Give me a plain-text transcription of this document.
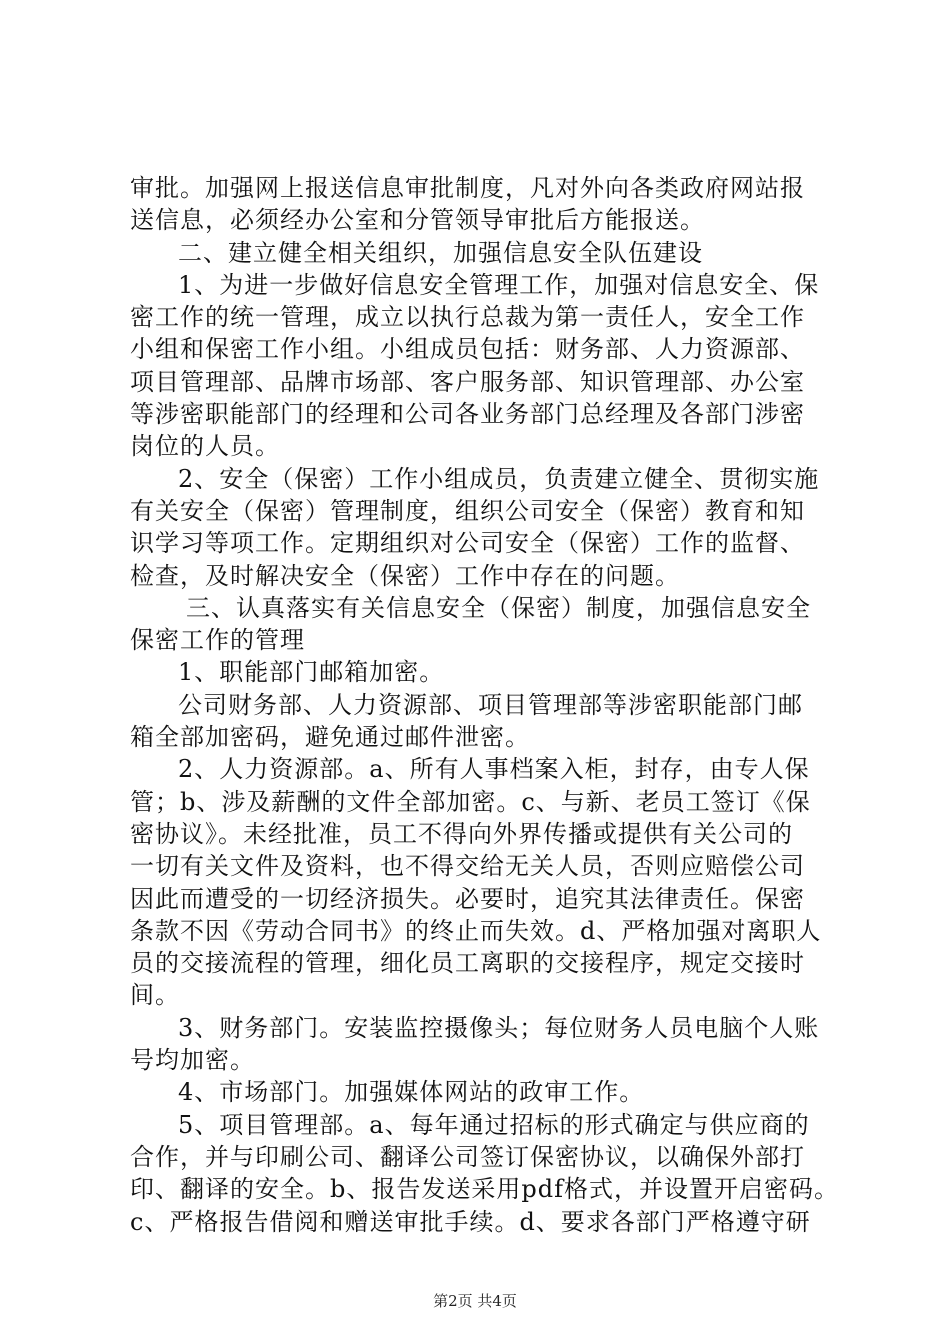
审批。加强网上报送信息审批制度，凡对外向各类政府网站报
送信息，必须经办公室和分管领导审批后方能报送。
二、建立健全相关组织，加强信息安全队伍建设
1、为进一步做好信息安全管理工作，加强对信息安全、保
密工作的统一管理，成立以执行总裁为第一责任人，安全工作
小组和保密工作小组。小组成员包括：财务部、人力资源部、
项目管理部、品牌市场部、客户服务部、知识管理部、办公室
等涉密职能部门的经理和公司各业务部门总经理及各部门涉密
岗位的人员。
2、安全（保密）工作小组成员，负责建立健全、贯彻实施
有关安全（保密）管理制度，组织公司安全（保密）教育和知
识学习等项工作。定期组织对公司安全（保密）工作的监督、
检查，及时解决安全（保密）工作中存在的问题。
三、认真落实有关信息安全（保密）制度，加强信息安全
保密工作的管理
1、职能部门邮箱加密。
公司财务部、人力资源部、项目管理部等涉密职能部门邮
箱全部加密码，避免通过邮件泄密。
2、人力资源部。a、所有人事档案入柜，封存，由专人保
管；b、涉及薪酬的文件全部加密。c、与新、老员工签订《保
密协议》。未经批准，员工不得向外界传播或提供有关公司的
一切有关文件及资料，也不得交给无关人员，否则应赔偿公司
因此而遭受的一切经济损失。必要时，追究其法律责任。保密
条款不因《劳动合同书》的终止而失效。d、严格加强对离职人
员的交接流程的管理，细化员工离职的交接程序，规定交接时
间。
3、财务部门。安装监控摄像头；每位财务人员电脑个人账
号均加密。
4、市场部门。加强媒体网站的政审工作。
5、项目管理部。a、每年通过招标的形式确定与供应商的
合作，并与印刷公司、翻译公司签订保密协议，以确保外部打
印、翻译的安全。b、报告发送采用pdf格式，并设置开启密码。
c、严格报告借阅和赠送审批手续。d、要求各部门严格遵守研
第2页 共4页
